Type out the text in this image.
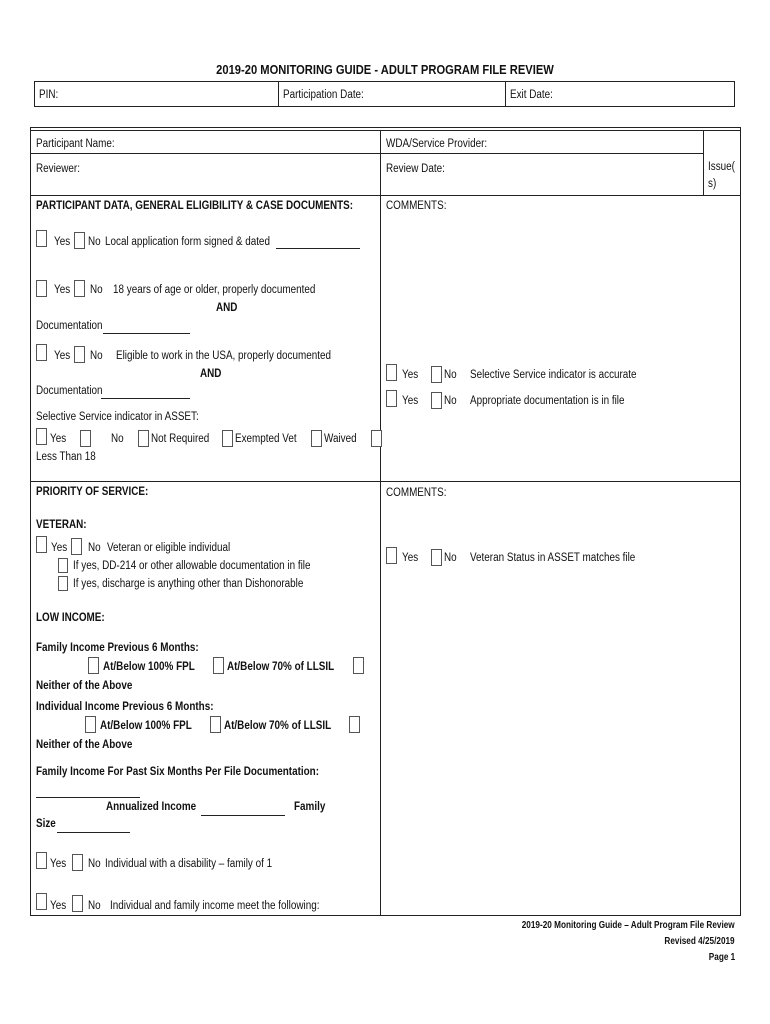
2019-20 MONITORING GUIDE - ADULT PROGRAM FILE REVIEW
PIN:	Participation Date:	Exit Date:
Participant Name:	WDA/Service Provider:
Reviewer:	Review Date:	Issue(
s)
PARTICIPANT DATA, GENERAL ELIGIBILITY & CASE DOCUMENTS:	COMMENTS:
Yes No Local application form signed & dated
Yes No 18 years of age or older, properly documented
AND
Documentation
Yes No Eligible to work in the USA, properly documented
AND
Documentation
Selective Service indicator in ASSET:
Yes	No Not Required Exempted Vet Waived
Less Than 18
Yes No Selective Service indicator is accurate
Yes No Appropriate documentation is in file
PRIORITY OF SERVICE:	COMMENTS:
VETERAN:
Yes No Veteran or eligible individual
If yes, DD-214 or other allowable documentation in file
If yes, discharge is anything other than Dishonorable
Yes No Veteran Status in ASSET matches file
LOW INCOME:
Family Income Previous 6 Months:
At/Below 100% FPL	At/Below 70% of LLSIL
Neither of the Above
Individual Income Previous 6 Months:
At/Below 100% FPL	At/Below 70% of LLSIL
Neither of the Above
Family Income For Past Six Months Per File Documentation:
Annualized Income	Family
Size
Yes No Individual with a disability – family of 1
Yes No Individual and family income meet the following:
2019-20 Monitoring Guide – Adult Program File Review
Revised 4/25/2019
Page 1
